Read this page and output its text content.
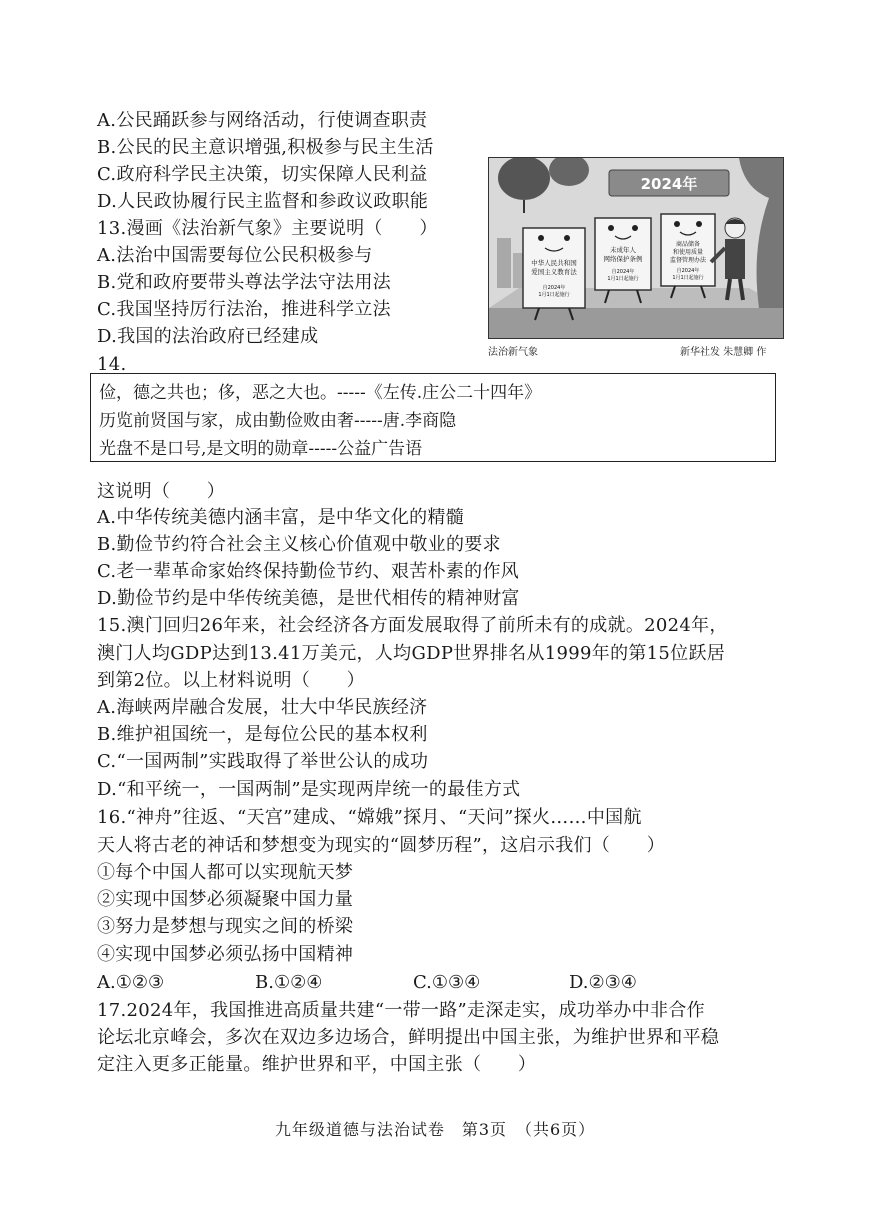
A.公民踊跃参与网络活动，行使调查职责
B.公民的民主意识增强,积极参与民主生活
C.政府科学民主决策，切实保障人民利益
D.人民政协履行民主监督和参政议政职能
13.漫画《法治新气象》主要说明（　　）
A.法治中国需要每位公民积极参与
B.党和政府要带头尊法学法守法用法
C.我国坚持厉行法治，推进科学立法
D.我国的法治政府已经建成
2024年
中华人民共和国
爱国主义教育法
自2024年
1月1日起施行
未成年人
网络保护条例
自2024年
1月1日起施行
商品储备
和使用质量
监督管理办法
自2024年
1月1日起施行
法治新气象	新华社发 朱慧卿 作
14.
俭，德之共也；侈，恶之大也。-----《左传.庄公二十四年》
历览前贤国与家，成由勤俭败由奢-----唐.李商隐
光盘不是口号,是文明的勋章-----公益广告语
这说明（　　）
A.中华传统美德内涵丰富，是中华文化的精髓
B.勤俭节约符合社会主义核心价值观中敬业的要求
C.老一辈革命家始终保持勤俭节约、艰苦朴素的作风
D.勤俭节约是中华传统美德，是世代相传的精神财富
15.澳门回归26年来，社会经济各方面发展取得了前所未有的成就。2024年，
澳门人均GDP达到13.41万美元，人均GDP世界排名从1999年的第15位跃居
到第2位。以上材料说明（　　）
A.海峡两岸融合发展，壮大中华民族经济
B.维护祖国统一，是每位公民的基本权利
C.“一国两制”实践取得了举世公认的成功
D.“和平统一，一国两制”是实现两岸统一的最佳方式
16.“神舟”往返、“天宫”建成、“嫦娥”探月、“天问”探火……中国航
天人将古老的神话和梦想变为现实的“圆梦历程”，这启示我们（　　）
①每个中国人都可以实现航天梦
②实现中国梦必须凝聚中国力量
③努力是梦想与现实之间的桥梁
④实现中国梦必须弘扬中国精神
A.①②③	B.①②④	C.①③④	D.②③④
17.2024年，我国推进高质量共建“一带一路”走深走实，成功举办中非合作
论坛北京峰会，多次在双边多边场合，鲜明提出中国主张，为维护世界和平稳
定注入更多正能量。维护世界和平，中国主张（　　）
九年级道德与法治试卷　第3页　（共6页）
